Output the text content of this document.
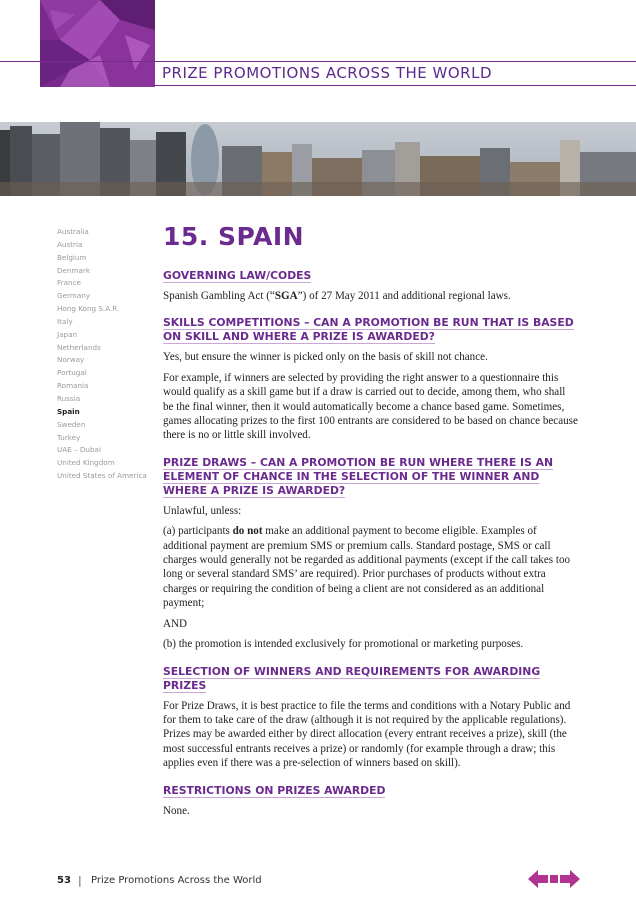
PRIZE PROMOTIONS ACROSS THE WORLD
Australia
Austria
Belgium
Denmark
France
Germany
Hong Kong S.A.R.
Italy
Japan
Netherlands
Norway
Portugal
Romania
Russia
Spain
Sweden
Turkey
UAE – Dubai
United Kingdom
United States of America
15. SPAIN
GOVERNING LAW/CODES

Spanish Gambling Act (“SGA”) of 27 May 2011 and additional regional laws.

SKILLS COMPETITIONS – CAN A PROMOTION BE RUN THAT IS BASED ON SKILL AND WHERE A PRIZE IS AWARDED?

Yes, but ensure the winner is picked only on the basis of skill not chance.

For example, if winners are selected by providing the right answer to a questionnaire this would qualify as a skill game but if a draw is carried out to decide, among them, who shall be the final winner, then it would automatically become a chance based game. Sometimes, games allocating prizes to the first 100 entrants are considered to be based on chance because there is no or little skill involved.

PRIZE DRAWS – CAN A PROMOTION BE RUN WHERE THERE IS AN ELEMENT OF CHANCE IN THE SELECTION OF THE WINNER AND WHERE A PRIZE IS AWARDED?

Unlawful, unless:

(a) participants do not make an additional payment to become eligible. Examples of additional payment are premium SMS or premium calls. Standard postage, SMS or call charges would generally not be regarded as additional payments (except if the call takes too long or several standard SMS’ are required). Prior purchases of products without extra charges or requiring the condition of being a client are not considered as an additional payment;

AND

(b) the promotion is intended exclusively for promotional or marketing purposes.

SELECTION OF WINNERS AND REQUIREMENTS FOR AWARDING PRIZES

For Prize Draws, it is best practice to file the terms and conditions with a Notary Public and for them to take care of the draw (although it is not required by the applicable regulations). Prizes may be awarded either by direct allocation (every entrant receives a prize), skill (the most successful entrants receives a prize) or randomly (for example through a draw; this applies even if there was a pre-selection of winners based on skill).

RESTRICTIONS ON PRIZES AWARDED

None.

53 | Prize Promotions Across the World
